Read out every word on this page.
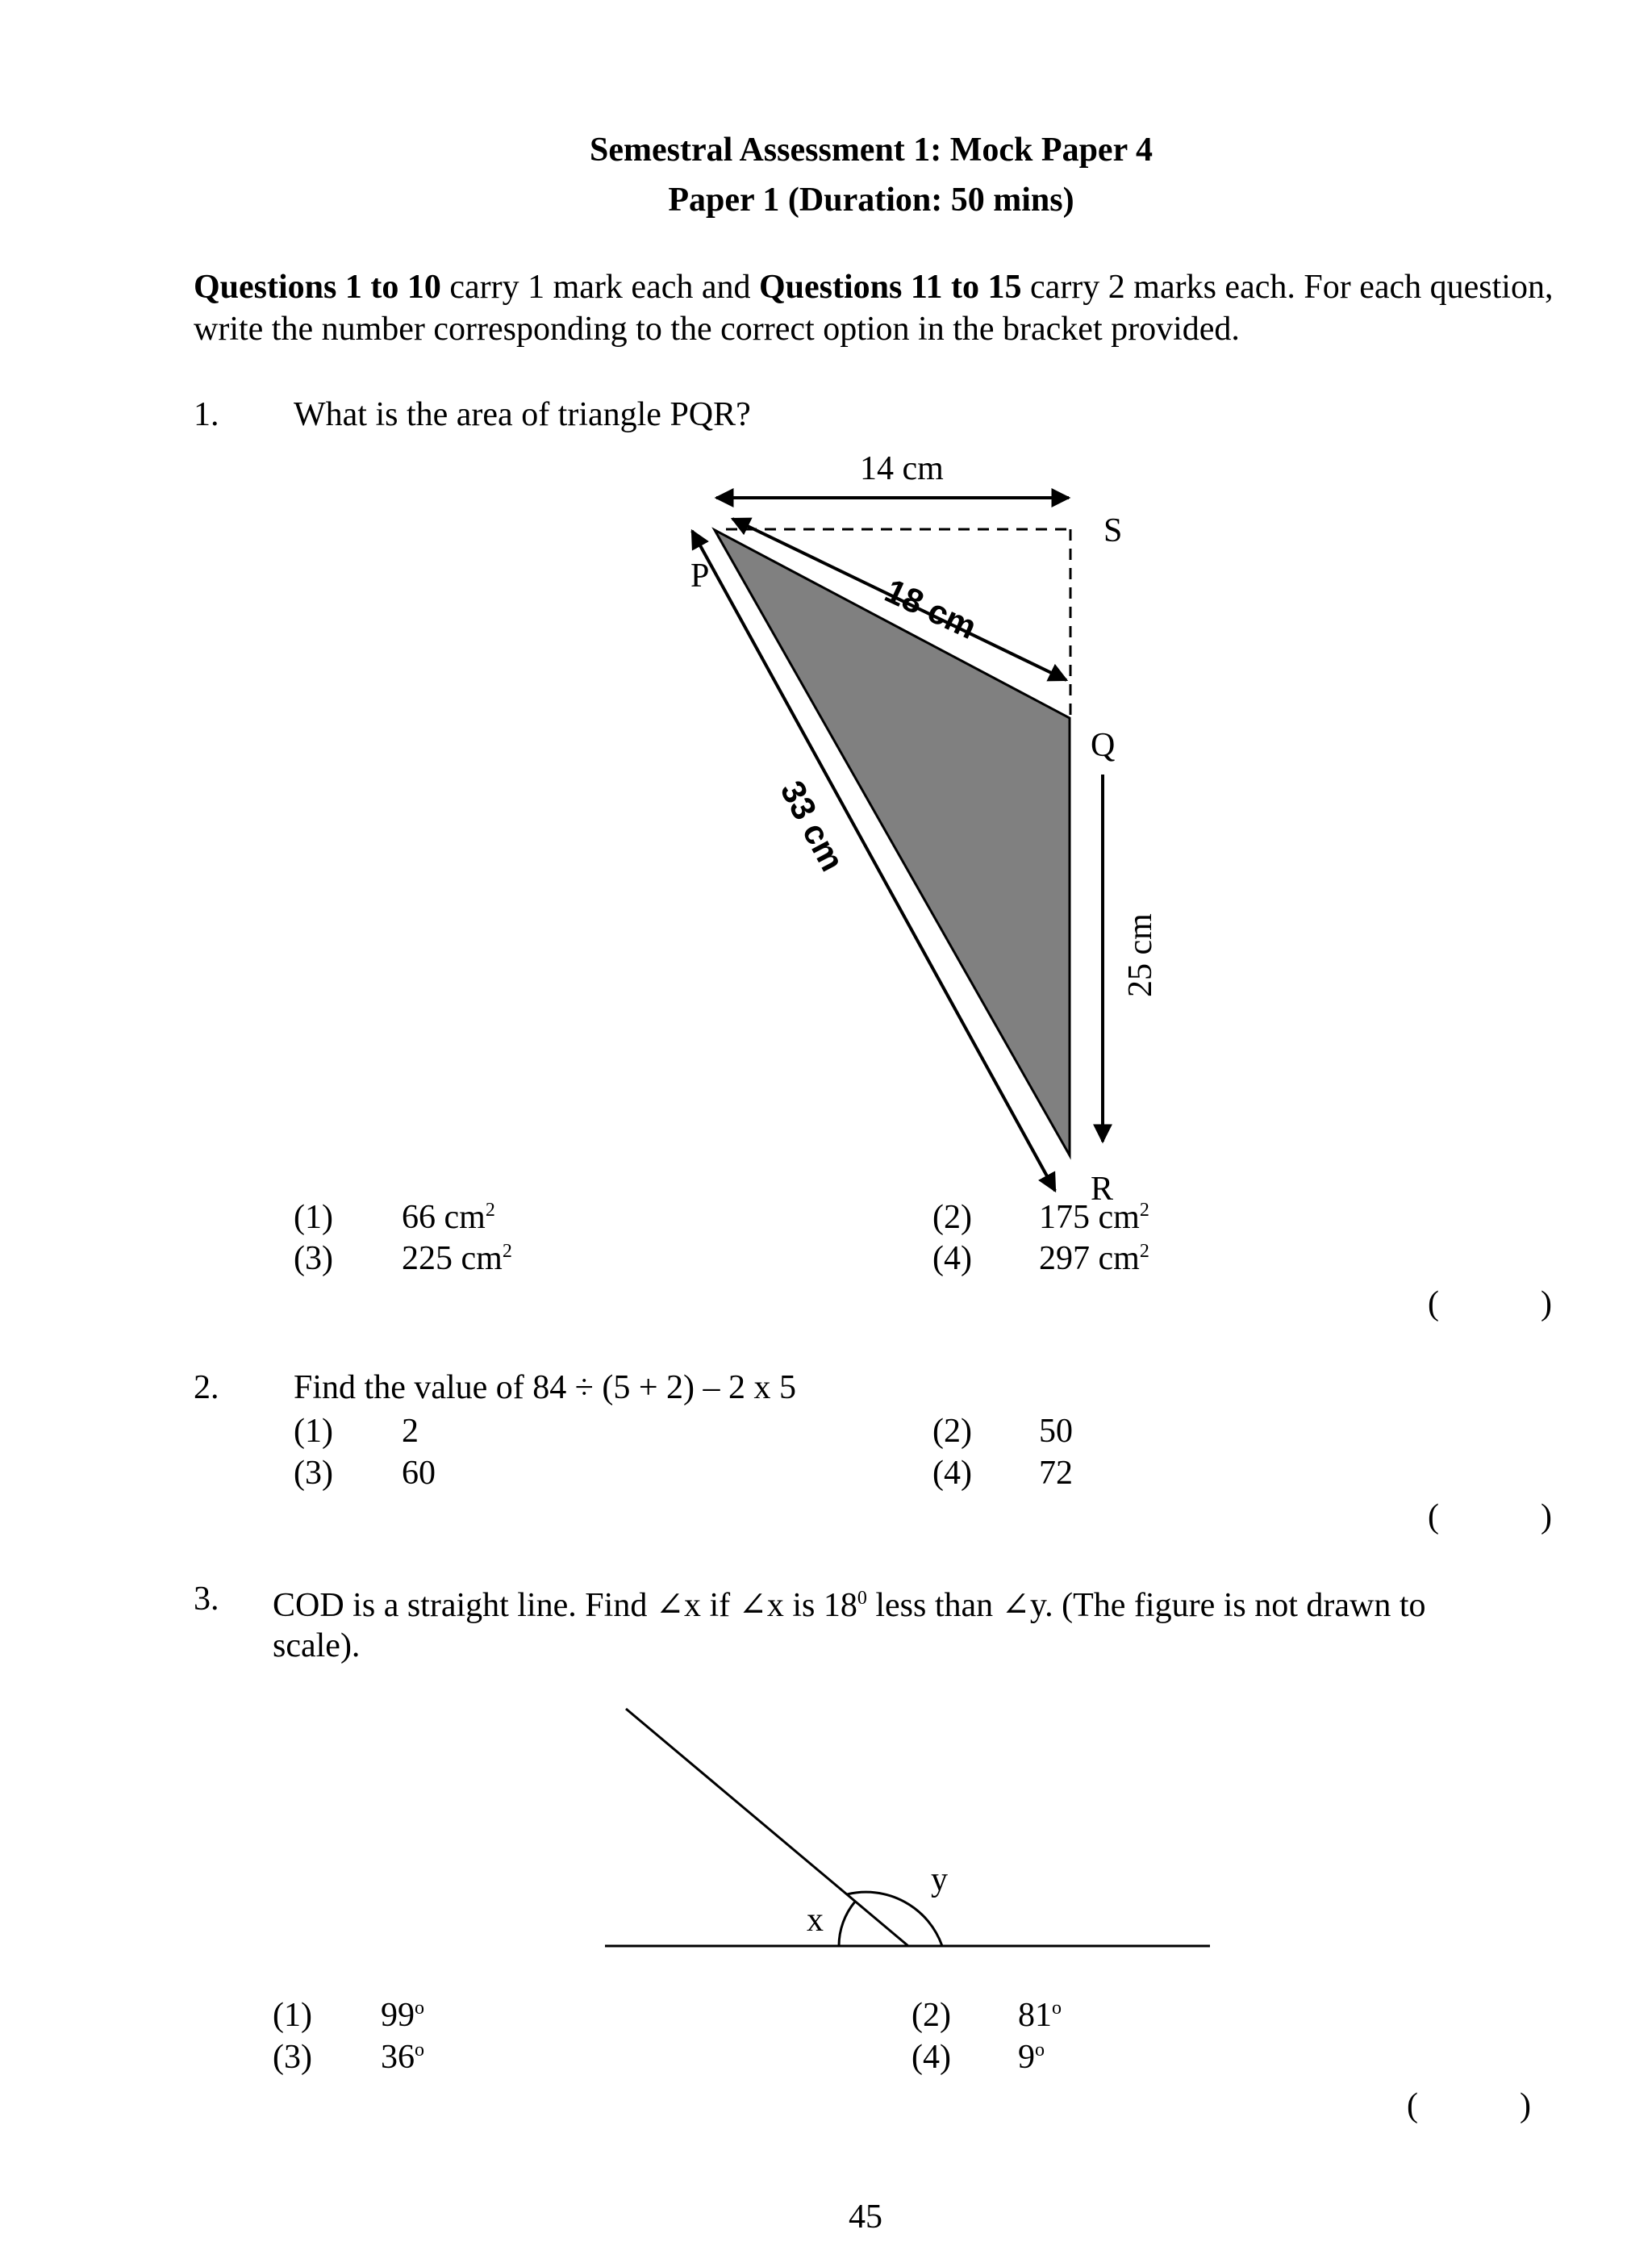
Semestral Assessment 1: Mock Paper 4
Paper 1 (Duration: 50 mins)
Questions 1 to 10 carry 1 mark each and Questions 11 to 15 carry 2 marks each. For each question, write the number corresponding to the correct option in the bracket provided.
1. What is the area of triangle PQR?
14 cm
S
P
Q
R
18 cm
33 cm
25 cm
(1) 66 $cm^2$	(2) 175 $cm^2$
(3) 225 $cm^2$	(4) 297 $cm^2$
(            )
2. Find the value of 84 ÷ (5 + 2) – 2 x 5
(1) 2	(2) 50
(3) 60	(4) 72
(            )
3. COD is a straight line. Find ∠x if ∠x is $18^0$ less than ∠y. (The figure is not drawn to
scale).
x
y
(1) 99$^o$	(2) 81$^o$
(3) 36$^o$	(4) 9$^o$
(            )
45
